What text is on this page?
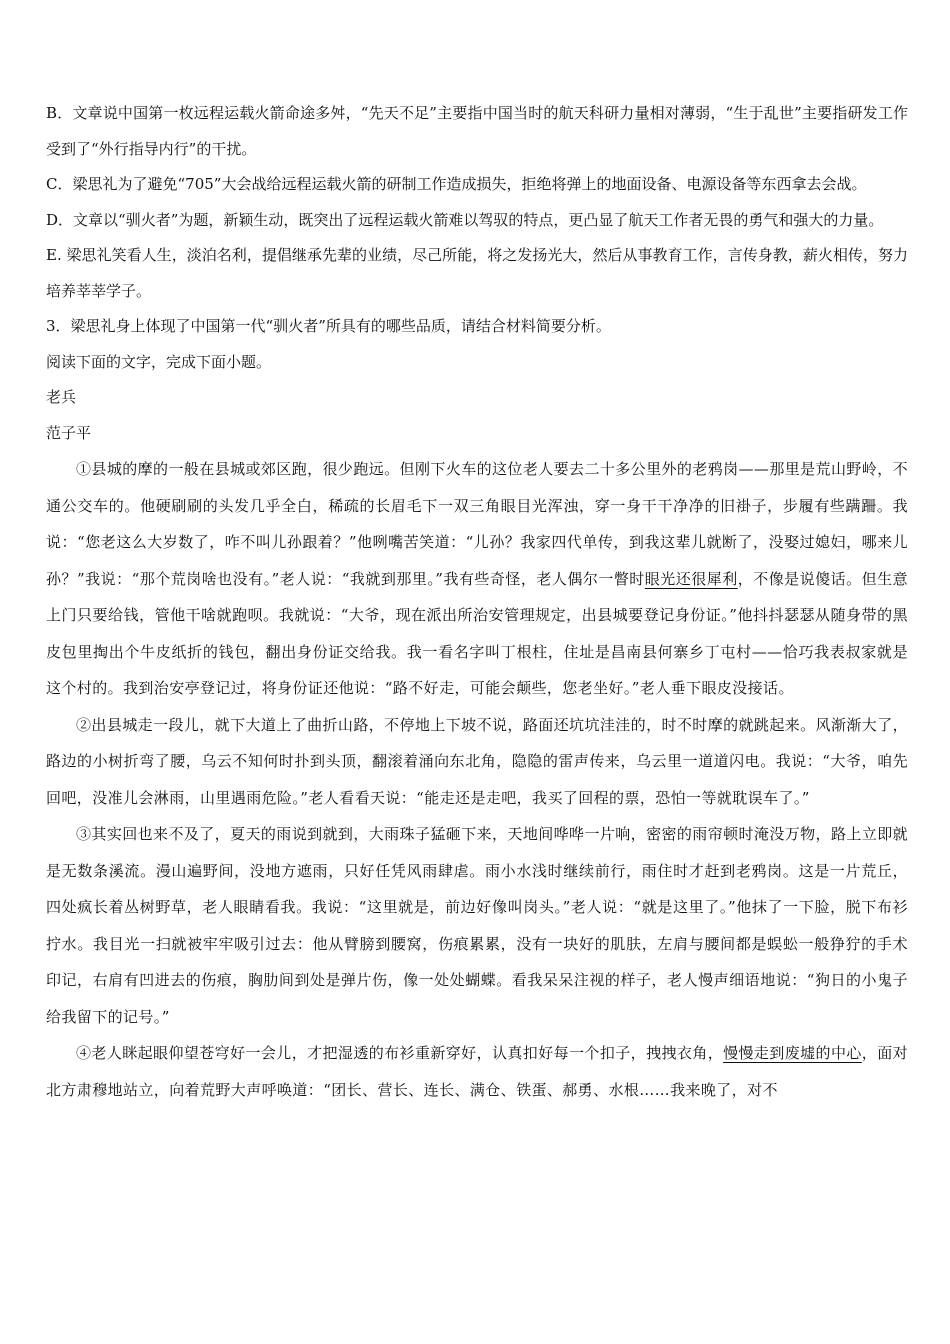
B．文章说中国第一枚远程运载火箭命途多舛，“先天不足”主要指中国当时的航天科研力量相对薄弱，“生于乱世”主要指研发工作受到了“外行指导内行”的干扰。

C．梁思礼为了避免“705”大会战给远程运载火箭的研制工作造成损失，拒绝将弹上的地面设备、电源设备等东西拿去会战。

D．文章以“驯火者”为题，新颖生动，既突出了远程运载火箭难以驾驭的特点，更凸显了航天工作者无畏的勇气和强大的力量。

E. 梁思礼笑看人生，淡泊名利，提倡继承先辈的业绩，尽己所能，将之发扬光大，然后从事教育工作，言传身教，薪火相传，努力培养莘莘学子。

3．梁思礼身上体现了中国第一代“驯火者”所具有的哪些品质，请结合材料简要分析。

阅读下面的文字，完成下面小题。

老兵

范子平

①县城的摩的一般在县城或郊区跑，很少跑远。但刚下火车的这位老人要去二十多公里外的老鸦岗——那里是荒山野岭，不通公交车的。他硬刷刷的头发几乎全白，稀疏的长眉毛下一双三角眼目光浑浊，穿一身干干净净的旧褂子，步履有些蹒跚。我说：“您老这么大岁数了，咋不叫儿孙跟着？”他咧嘴苦笑道：“儿孙？我家四代单传，到我这辈儿就断了，没娶过媳妇，哪来儿孙？”我说：“那个荒岗啥也没有。”老人说：“我就到那里。”我有些奇怪，老人偶尔一瞥时眼光还很犀利，不像是说傻话。但生意上门只要给钱，管他干啥就跑呗。我就说：“大爷，现在派出所治安管理规定，出县城要登记身份证。”他抖抖瑟瑟从随身带的黑皮包里掏出个牛皮纸折的钱包，翻出身份证交给我。我一看名字叫丁根柱，住址是昌南县何寨乡丁屯村——恰巧我表叔家就是这个村的。我到治安亭登记过，将身份证还他说：“路不好走，可能会颠些，您老坐好。”老人垂下眼皮没接话。

②出县城走一段儿，就下大道上了曲折山路，不停地上下坡不说，路面还坑坑洼洼的，时不时摩的就跳起来。风渐渐大了，路边的小树折弯了腰，乌云不知何时扑到头顶，翻滚着涌向东北角，隐隐的雷声传来，乌云里一道道闪电。我说：“大爷，咱先回吧，没准儿会淋雨，山里遇雨危险。”老人看看天说：“能走还是走吧，我买了回程的票，恐怕一等就耽误车了。”

③其实回也来不及了，夏天的雨说到就到，大雨珠子猛砸下来，天地间哗哗一片响，密密的雨帘顿时淹没万物，路上立即就是无数条溪流。漫山遍野间，没地方遮雨，只好任凭风雨肆虐。雨小水浅时继续前行，雨住时才赶到老鸦岗。这是一片荒丘，四处疯长着丛树野草，老人眼睛看我。我说：“这里就是，前边好像叫岗头。”老人说：“就是这里了。”他抹了一下脸，脱下布衫拧水。我目光一扫就被牢牢吸引过去：他从臂膀到腰窝，伤痕累累，没有一块好的肌肤，左肩与腰间都是蜈蚣一般狰狞的手术印记，右肩有凹进去的伤痕，胸肋间到处是弹片伤，像一处处蝴蝶。看我呆呆注视的样子，老人慢声细语地说：“狗日的小鬼子给我留下的记号。”

④老人眯起眼仰望苍穹好一会儿，才把湿透的布衫重新穿好，认真扣好每一个扣子，拽拽衣角，慢慢走到废墟的中心，面对北方肃穆地站立，向着荒野大声呼唤道：“团长、营长、连长、满仓、铁蛋、郝勇、水根……我来晚了，对不
